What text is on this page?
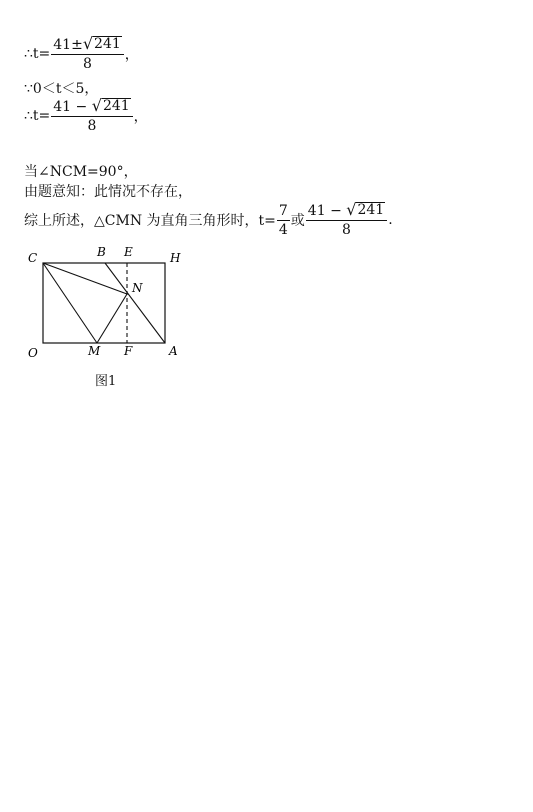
∴t= $\frac{41\pm √ 241}{8}$ ，
∵0＜t＜5，
∴t= $\frac{41 - √ 241}{8}$ ，
当∠NCM=90°，
由题意知：此情况不存在，
综上所述，△CMN 为直角三角形时，$t= \frac{7}{4}$ 或 $\frac{41 - √ 241}{8}$ .
C	B E	H
N
O	M F	A
图1
